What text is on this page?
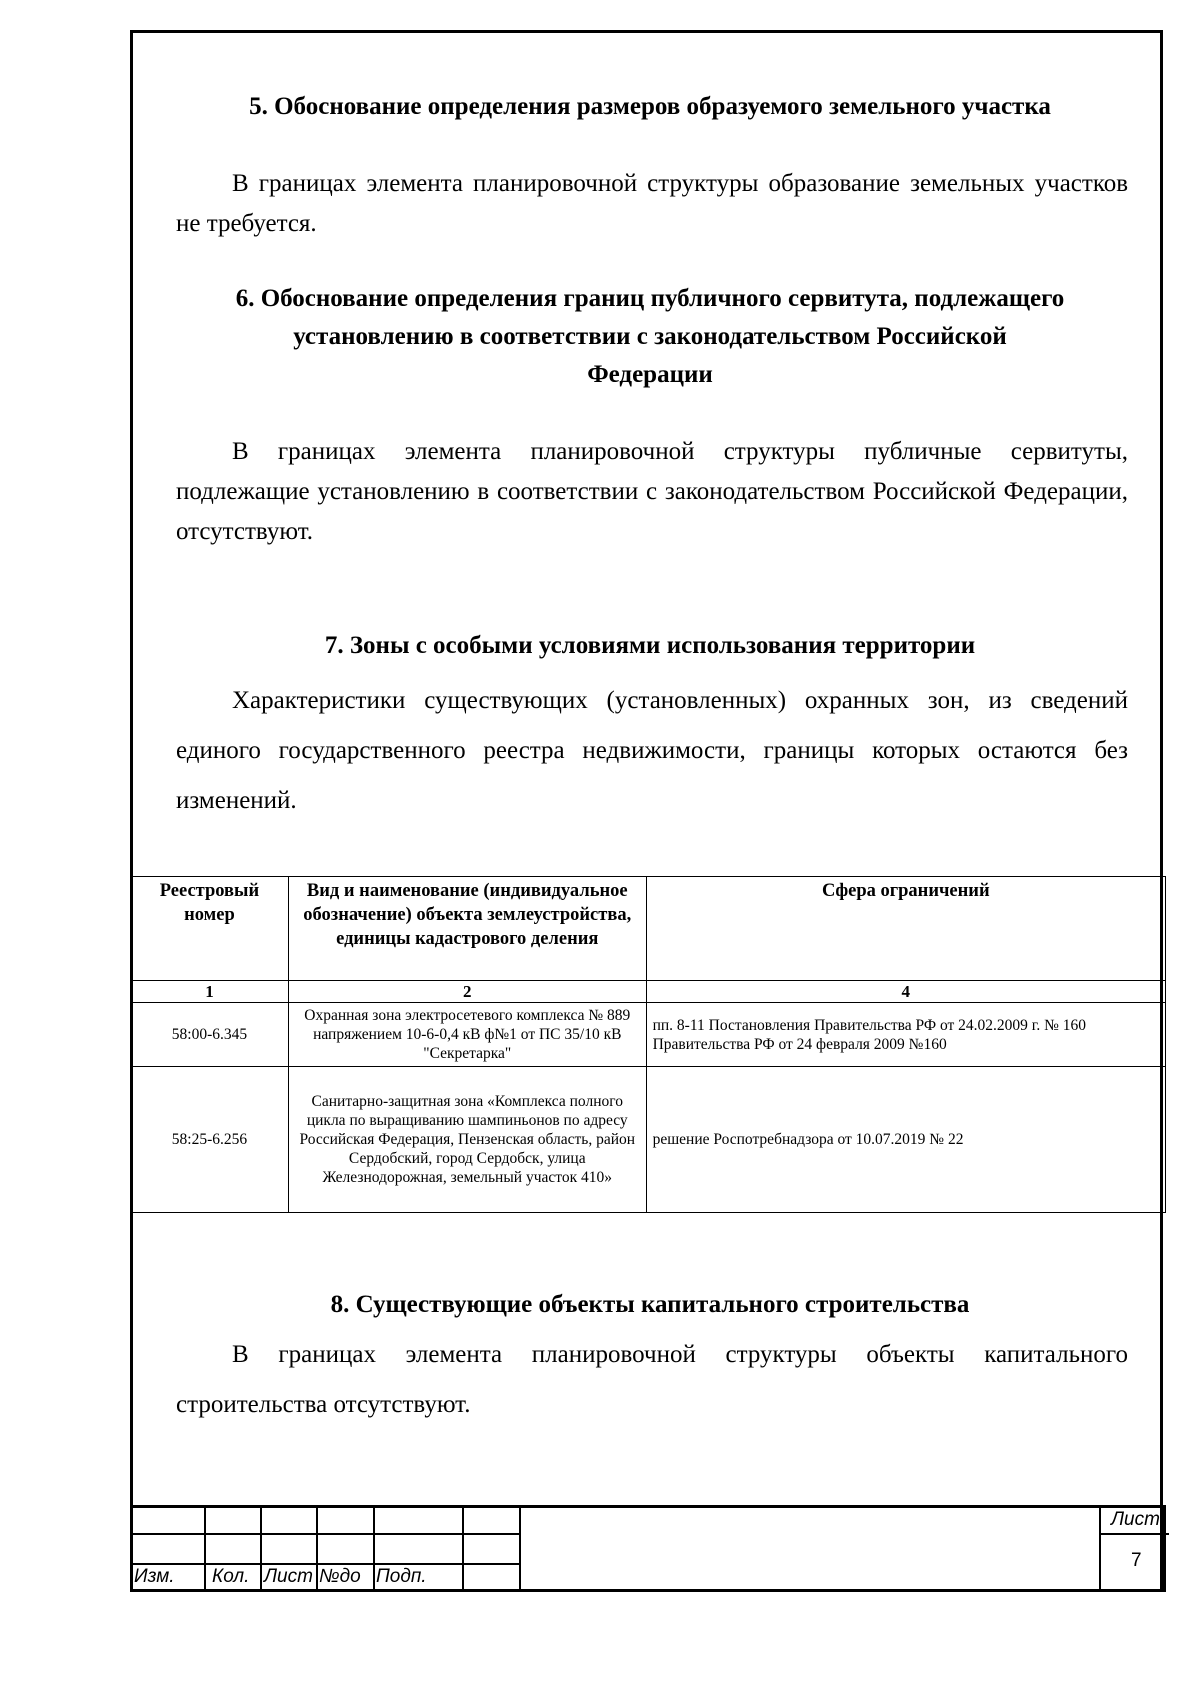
5. Обоснование определения размеров образуемого земельного участка

В границах элемента планировочной структуры образование земельных участков не требуется.

6. Обоснование определения границ публичного сервитута, подлежащего
установлению в соответствии с законодательством Российской
Федерации

В границах элемента планировочной структуры публичные сервитуты, подлежащие установлению в соответствии с законодательством Российской Федерации, отсутствуют.

7. Зоны с особыми условиями использования территории

Характеристики существующих (установленных) охранных зон, из сведений единого государственного реестра недвижимости, границы которых остаются без изменений.

Реестровый номер	Вид и наименование (индивидуальное обозначение) объекта землеустройства, единицы кадастрового деления	Сфера ограничений
1	2	4
58:00-6.345	Охранная зона электросетевого комплекса № 889 напряжением 10-6-0,4 кВ ф№1 от ПС 35/10 кВ "Секретарка"	пп. 8-11 Постановления Правительства РФ от 24.02.2009 г. № 160 Правительства РФ от 24 февраля 2009 №160
58:25-6.256	Санитарно-защитная зона «Комплекса полного цикла по выращиванию шампиньонов по адресу Российская Федерация, Пензенская область, район Сердобский, город Сердобск, улица Железнодорожная, земельный участок 410»	решение Роспотребнадзора от 10.07.2019 № 22
8. Существующие объекты капитального строительства

В границах элемента планировочной структуры объекты капитального строительства отсутствуют.

Изм. Кол. Лист №до Подп.
Лист
7
